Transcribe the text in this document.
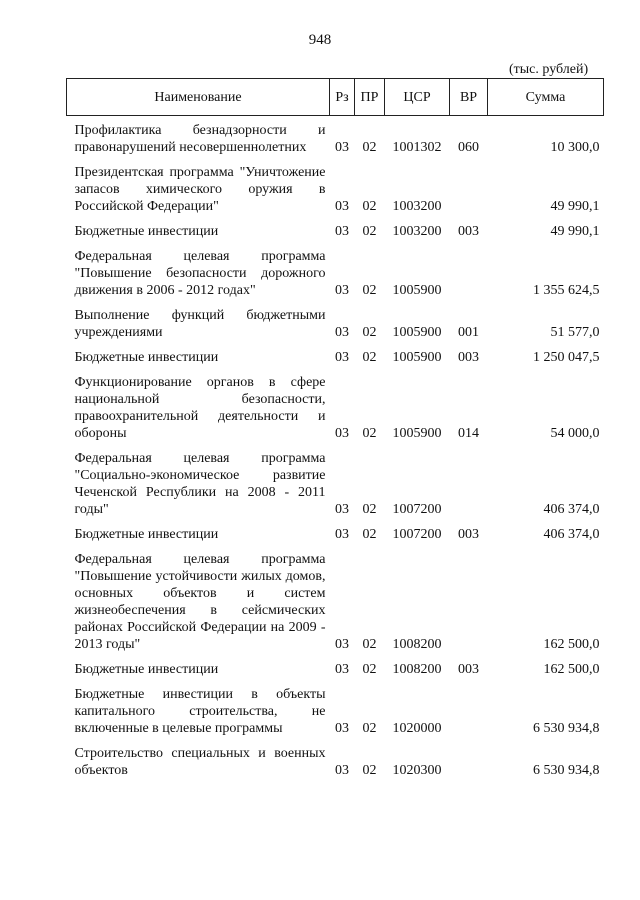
948
(тыс. рублей)
Наименование	Рз	ПР	ЦСР	ВР	Сумма
Профилактика безнадзорности и правонарушений несовершеннолетних	03	02	1001302	060	10 300,0
Президентская программа "Уничтожение запасов химического оружия в Российской Федерации"	03	02	1003200		49 990,1
Бюджетные инвестиции	03	02	1003200	003	49 990,1
Федеральная целевая программа "Повышение безопасности дорожного движения в 2006 - 2012 годах"	03	02	1005900		1 355 624,5
Выполнение функций бюджетными учреждениями	03	02	1005900	001	51 577,0
Бюджетные инвестиции	03	02	1005900	003	1 250 047,5
Функционирование органов в сфере национальной безопасности, правоохранительной деятельности и обороны	03	02	1005900	014	54 000,0
Федеральная целевая программа "Социально-экономическое развитие Чеченской Республики на 2008 - 2011 годы"	03	02	1007200		406 374,0
Бюджетные инвестиции	03	02	1007200	003	406 374,0
Федеральная целевая программа "Повышение устойчивости жилых домов, основных объектов и систем жизнеобеспечения в сейсмических районах Российской Федерации на 2009 - 2013 годы"	03	02	1008200		162 500,0
Бюджетные инвестиции	03	02	1008200	003	162 500,0
Бюджетные инвестиции в объекты капитального строительства, не включенные в целевые программы	03	02	1020000		6 530 934,8
Строительство специальных и военных объектов	03	02	1020300		6 530 934,8
